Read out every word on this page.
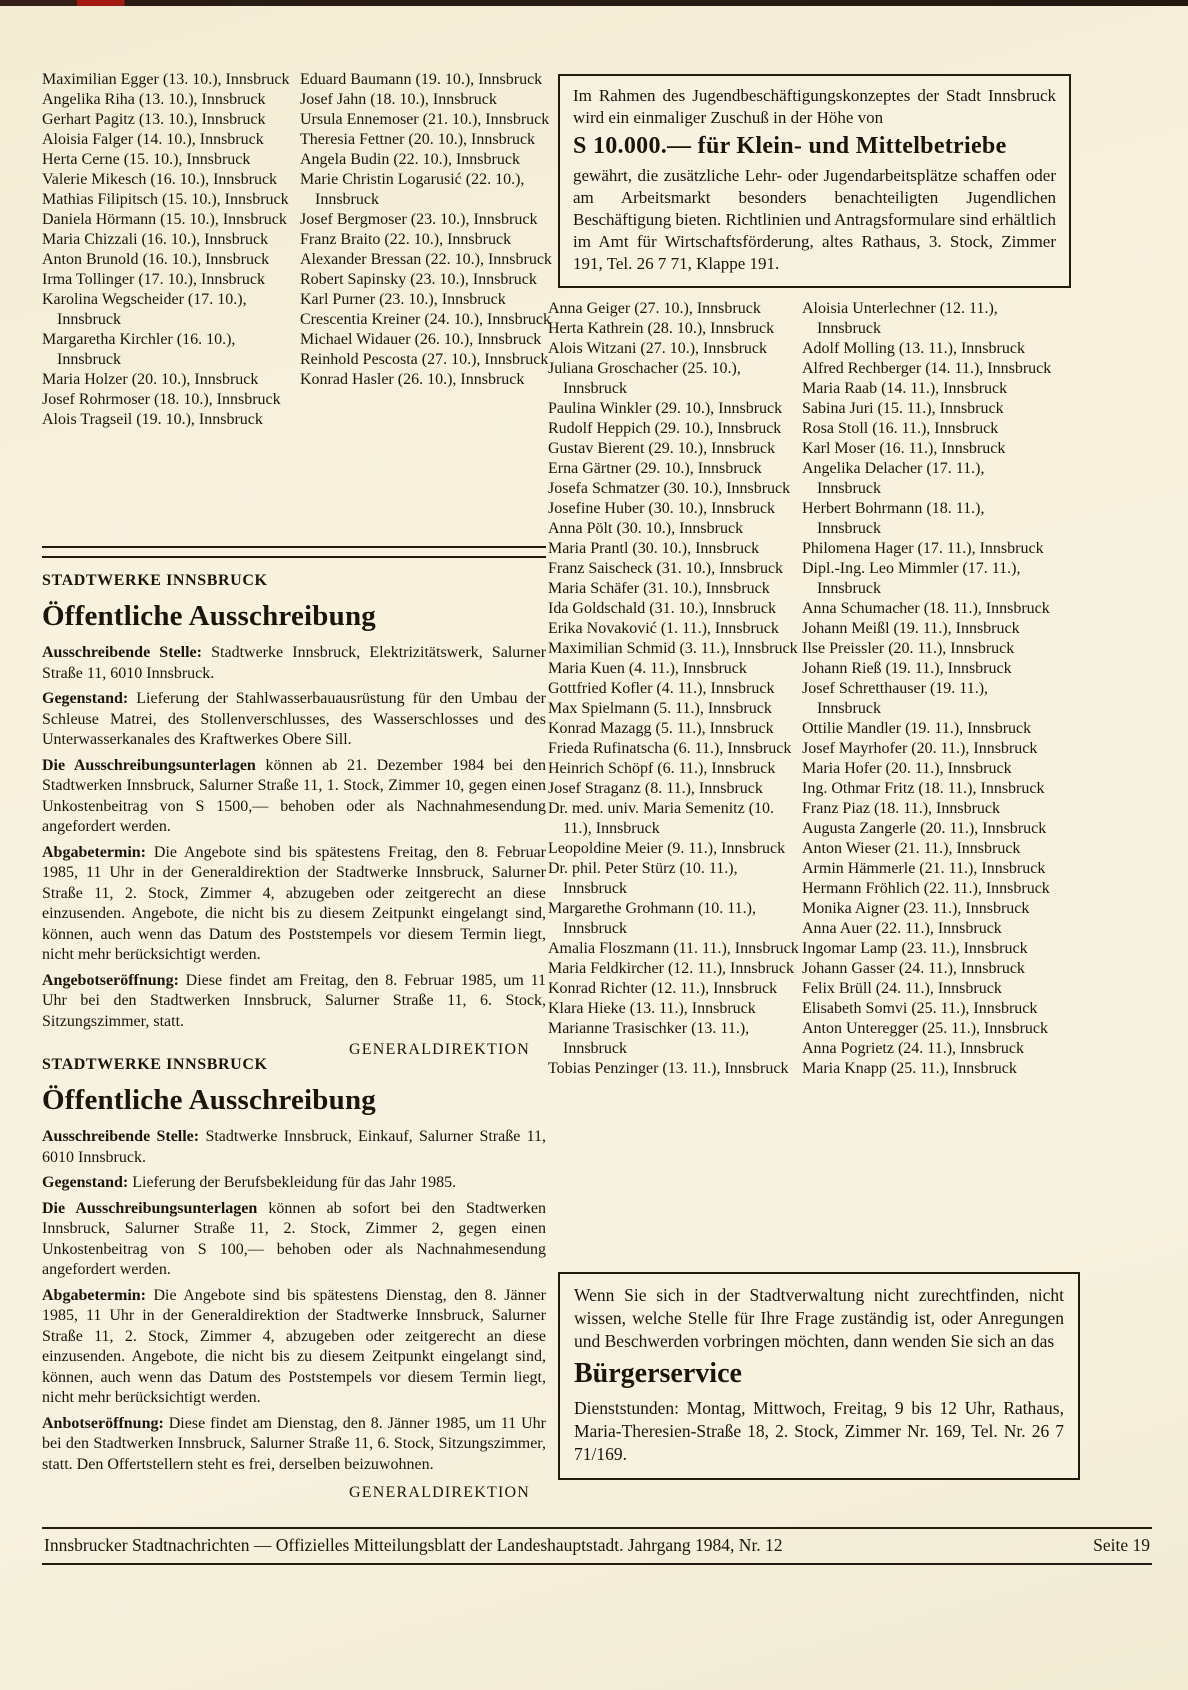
Maximilian Egger (13. 10.), Innsbruck
Angelika Riha (13. 10.), Innsbruck
Gerhart Pagitz (13. 10.), Innsbruck
Aloisia Falger (14. 10.), Innsbruck
Herta Cerne (15. 10.), Innsbruck
Valerie Mikesch (16. 10.), Innsbruck
Mathias Filipitsch (15. 10.), Innsbruck
Daniela Hörmann (15. 10.), Innsbruck
Maria Chizzali (16. 10.), Innsbruck
Anton Brunold (16. 10.), Innsbruck
Irma Tollinger (17. 10.), Innsbruck
Karolina Wegscheider (17. 10.), Innsbruck
Margaretha Kirchler (16. 10.), Innsbruck
Maria Holzer (20. 10.), Innsbruck
Josef Rohrmoser (18. 10.), Innsbruck
Alois Tragseil (19. 10.), Innsbruck
Eduard Baumann (19. 10.), Innsbruck
Josef Jahn (18. 10.), Innsbruck
Ursula Ennemoser (21. 10.), Innsbruck
Theresia Fettner (20. 10.), Innsbruck
Angela Budin (22. 10.), Innsbruck
Marie Christin Logarusić (22. 10.), Innsbruck
Josef Bergmoser (23. 10.), Innsbruck
Franz Braito (22. 10.), Innsbruck
Alexander Bressan (22. 10.), Innsbruck
Robert Sapinsky (23. 10.), Innsbruck
Karl Purner (23. 10.), Innsbruck
Crescentia Kreiner (24. 10.), Innsbruck
Michael Widauer (26. 10.), Innsbruck
Reinhold Pescosta (27. 10.), Innsbruck
Konrad Hasler (26. 10.), Innsbruck
Anna Geiger (27. 10.), Innsbruck
Herta Kathrein (28. 10.), Innsbruck
Alois Witzani (27. 10.), Innsbruck
Juliana Groschacher (25. 10.), Innsbruck
Paulina Winkler (29. 10.), Innsbruck
Rudolf Heppich (29. 10.), Innsbruck
Gustav Bierent (29. 10.), Innsbruck
Erna Gärtner (29. 10.), Innsbruck
Josefa Schmatzer (30. 10.), Innsbruck
Josefine Huber (30. 10.), Innsbruck
Anna Pölt (30. 10.), Innsbruck
Maria Prantl (30. 10.), Innsbruck
Franz Saischeck (31. 10.), Innsbruck
Maria Schäfer (31. 10.), Innsbruck
Ida Goldschald (31. 10.), Innsbruck
Erika Novaković (1. 11.), Innsbruck
Maximilian Schmid (3. 11.), Innsbruck
Maria Kuen (4. 11.), Innsbruck
Gottfried Kofler (4. 11.), Innsbruck
Max Spielmann (5. 11.), Innsbruck
Konrad Mazagg (5. 11.), Innsbruck
Frieda Rufinatscha (6. 11.), Innsbruck
Heinrich Schöpf (6. 11.), Innsbruck
Josef Straganz (8. 11.), Innsbruck
Dr. med. univ. Maria Semenitz (10. 11.), Innsbruck
Leopoldine Meier (9. 11.), Innsbruck
Dr. phil. Peter Stürz (10. 11.), Innsbruck
Margarethe Grohmann (10. 11.), Innsbruck
Amalia Floszmann (11. 11.), Innsbruck
Maria Feldkircher (12. 11.), Innsbruck
Konrad Richter (12. 11.), Innsbruck
Klara Hieke (13. 11.), Innsbruck
Marianne Trasischker (13. 11.), Innsbruck
Tobias Penzinger (13. 11.), Innsbruck
Aloisia Unterlechner (12. 11.), Innsbruck
Adolf Molling (13. 11.), Innsbruck
Alfred Rechberger (14. 11.), Innsbruck
Maria Raab (14. 11.), Innsbruck
Sabina Juri (15. 11.), Innsbruck
Rosa Stoll (16. 11.), Innsbruck
Karl Moser (16. 11.), Innsbruck
Angelika Delacher (17. 11.), Innsbruck
Herbert Bohrmann (18. 11.), Innsbruck
Philomena Hager (17. 11.), Innsbruck
Dipl.-Ing. Leo Mimmler (17. 11.), Innsbruck
Anna Schumacher (18. 11.), Innsbruck
Johann Meißl (19. 11.), Innsbruck
Ilse Preissler (20. 11.), Innsbruck
Johann Rieß (19. 11.), Innsbruck
Josef Schretthauser (19. 11.), Innsbruck
Ottilie Mandler (19. 11.), Innsbruck
Josef Mayrhofer (20. 11.), Innsbruck
Maria Hofer (20. 11.), Innsbruck
Ing. Othmar Fritz (18. 11.), Innsbruck
Franz Piaz (18. 11.), Innsbruck
Augusta Zangerle (20. 11.), Innsbruck
Anton Wieser (21. 11.), Innsbruck
Armin Hämmerle (21. 11.), Innsbruck
Hermann Fröhlich (22. 11.), Innsbruck
Monika Aigner (23. 11.), Innsbruck
Anna Auer (22. 11.), Innsbruck
Ingomar Lamp (23. 11.), Innsbruck
Johann Gasser (24. 11.), Innsbruck
Felix Brüll (24. 11.), Innsbruck
Elisabeth Somvi (25. 11.), Innsbruck
Anton Unteregger (25. 11.), Innsbruck
Anna Pogrietz (24. 11.), Innsbruck
Maria Knapp (25. 11.), Innsbruck

Im Rahmen des Jugendbeschäftigungskonzeptes der Stadt Innsbruck wird ein einmaliger Zuschuß in der Höhe von

S 10.000.— für Klein- und Mittelbetriebe

gewährt, die zusätzliche Lehr- oder Jugendarbeitsplätze schaffen oder am Arbeitsmarkt besonders benachteiligten Jugendlichen Beschäftigung bieten. Richtlinien und Antragsformulare sind erhältlich im Amt für Wirtschaftsförderung, altes Rathaus, 3. Stock, Zimmer 191, Tel. 26 7 71, Klappe 191.

STADTWERKE INNSBRUCK
Öffentliche Ausschreibung

Ausschreibende Stelle: Stadtwerke Innsbruck, Elektrizitätswerk, Salurner Straße 11, 6010 Innsbruck.

Gegenstand: Lieferung der Stahlwasserbauausrüstung für den Umbau der Schleuse Matrei, des Stollenverschlusses, des Wasserschlosses und des Unterwasserkanales des Kraftwerkes Obere Sill.

Die Ausschreibungsunterlagen können ab 21. Dezember 1984 bei den Stadtwerken Innsbruck, Salurner Straße 11, 1. Stock, Zimmer 10, gegen einen Unkostenbeitrag von S 1500,— behoben oder als Nachnahmesendung angefordert werden.

Abgabetermin: Die Angebote sind bis spätestens Freitag, den 8. Februar 1985, 11 Uhr in der Generaldirektion der Stadtwerke Innsbruck, Salurner Straße 11, 2. Stock, Zimmer 4, abzugeben oder zeitgerecht an diese einzusenden. Angebote, die nicht bis zu diesem Zeitpunkt eingelangt sind, können, auch wenn das Datum des Poststempels vor diesem Termin liegt, nicht mehr berücksichtigt werden.

Angebotseröffnung: Diese findet am Freitag, den 8. Februar 1985, um 11 Uhr bei den Stadtwerken Innsbruck, Salurner Straße 11, 6. Stock, Sitzungszimmer, statt.

GENERALDIREKTION
STADTWERKE INNSBRUCK
Öffentliche Ausschreibung

Ausschreibende Stelle: Stadtwerke Innsbruck, Einkauf, Salurner Straße 11, 6010 Innsbruck.

Gegenstand: Lieferung der Berufsbekleidung für das Jahr 1985.

Die Ausschreibungsunterlagen können ab sofort bei den Stadtwerken Innsbruck, Salurner Straße 11, 2. Stock, Zimmer 2, gegen einen Unkostenbeitrag von S 100,— behoben oder als Nachnahmesendung angefordert werden.

Abgabetermin: Die Angebote sind bis spätestens Dienstag, den 8. Jänner 1985, 11 Uhr in der Generaldirektion der Stadtwerke Innsbruck, Salurner Straße 11, 2. Stock, Zimmer 4, abzugeben oder zeitgerecht an diese einzusenden. Angebote, die nicht bis zu diesem Zeitpunkt eingelangt sind, können, auch wenn das Datum des Poststempels vor diesem Termin liegt, nicht mehr berücksichtigt werden.

Anbotseröffnung: Diese findet am Dienstag, den 8. Jänner 1985, um 11 Uhr bei den Stadtwerken Innsbruck, Salurner Straße 11, 6. Stock, Sitzungszimmer, statt. Den Offertstellern steht es frei, derselben beizuwohnen.

GENERALDIREKTION

Wenn Sie sich in der Stadtverwaltung nicht zurechtfinden, nicht wissen, welche Stelle für Ihre Frage zuständig ist, oder Anregungen und Beschwerden vorbringen möchten, dann wenden Sie sich an das

Bürgerservice

Dienststunden: Montag, Mittwoch, Freitag, 9 bis 12 Uhr, Rathaus, Maria-Theresien-Straße 18, 2. Stock, Zimmer Nr. 169, Tel. Nr. 26 7 71/169.

Innsbrucker Stadtnachrichten — Offizielles Mitteilungsblatt der Landeshauptstadt. Jahrgang 1984, Nr. 12	Seite 19
